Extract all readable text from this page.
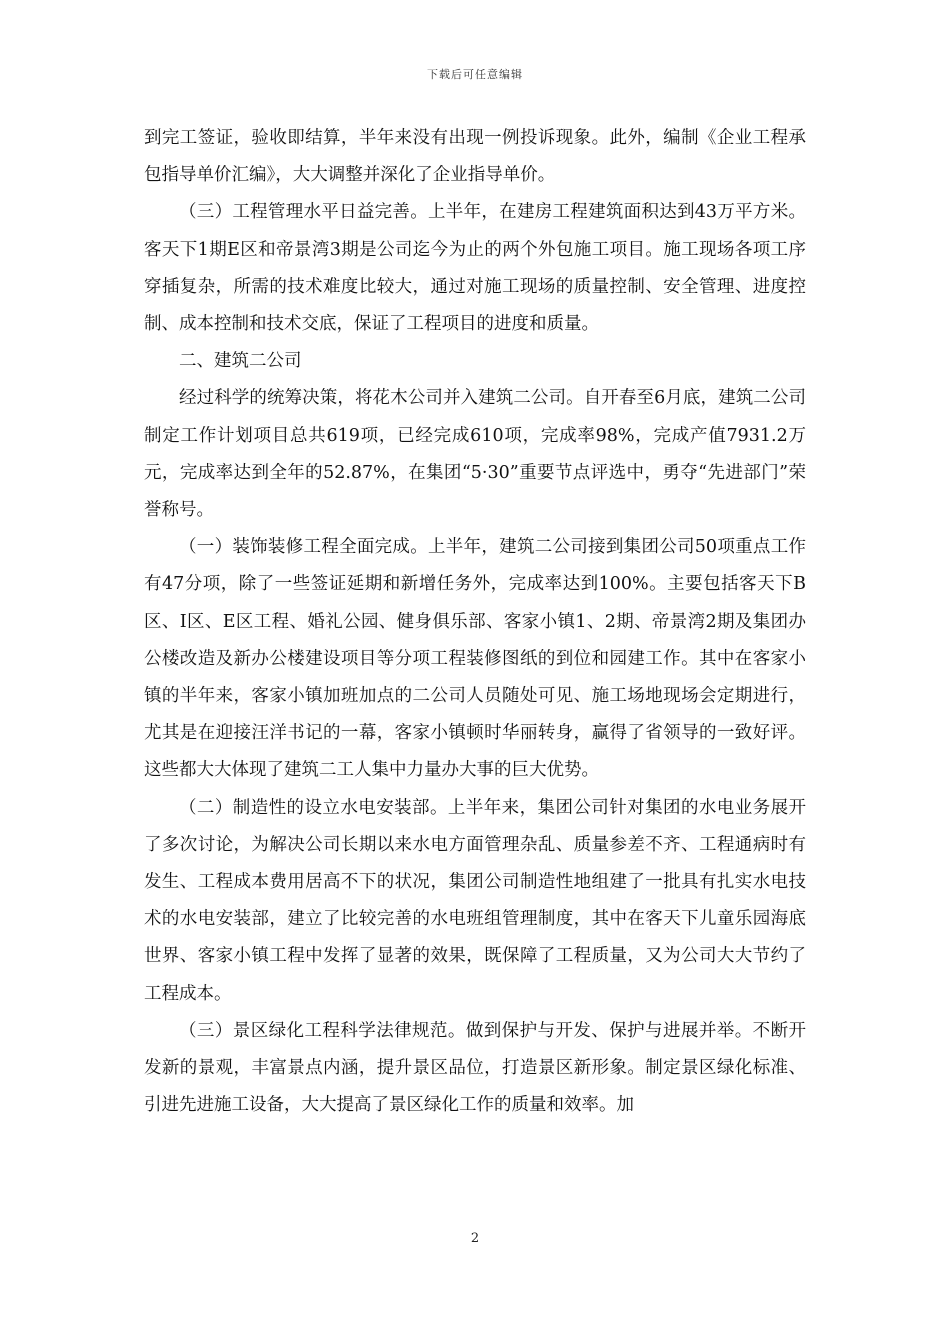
下载后可任意编辑

到完工签证，验收即结算，半年来没有出现一例投诉现象。此外，编制《企业工程承包指导单价汇编》，大大调整并深化了企业指导单价。

（三）工程管理水平日益完善。上半年，在建房工程建筑面积达到43万平方米。客天下1期E区和帝景湾3期是公司迄今为止的两个外包施工项目。施工现场各项工序穿插复杂，所需的技术难度比较大，通过对施工现场的质量控制、安全管理、进度控制、成本控制和技术交底，保证了工程项目的进度和质量。

二、建筑二公司

经过科学的统筹决策，将花木公司并入建筑二公司。自开春至6月底，建筑二公司制定工作计划项目总共619项，已经完成610项，完成率98%，完成产值7931.2万元，完成率达到全年的52.87%，在集团“5·30”重要节点评选中，勇夺“先进部门”荣誉称号。

（一）装饰装修工程全面完成。上半年，建筑二公司接到集团公司50项重点工作有47分项，除了一些签证延期和新增任务外，完成率达到100%。主要包括客天下B区、I区、E区工程、婚礼公园、健身俱乐部、客家小镇1、2期、帝景湾2期及集团办公楼改造及新办公楼建设项目等分项工程装修图纸的到位和园建工作。其中在客家小镇的半年来，客家小镇加班加点的二公司人员随处可见、施工场地现场会定期进行，尤其是在迎接汪洋书记的一幕，客家小镇顿时华丽转身，赢得了省领导的一致好评。这些都大大体现了建筑二工人集中力量办大事的巨大优势。

（二）制造性的设立水电安装部。上半年来，集团公司针对集团的水电业务展开了多次讨论，为解决公司长期以来水电方面管理杂乱、质量参差不齐、工程通病时有发生、工程成本费用居高不下的状况，集团公司制造性地组建了一批具有扎实水电技术的水电安装部，建立了比较完善的水电班组管理制度，其中在客天下儿童乐园海底世界、客家小镇工程中发挥了显著的效果，既保障了工程质量，又为公司大大节约了工程成本。

（三）景区绿化工程科学法律规范。做到保护与开发、保护与进展并举。不断开发新的景观，丰富景点内涵，提升景区品位，打造景区新形象。制定景区绿化标准、引进先进施工设备，大大提高了景区绿化工作的质量和效率。加

2
